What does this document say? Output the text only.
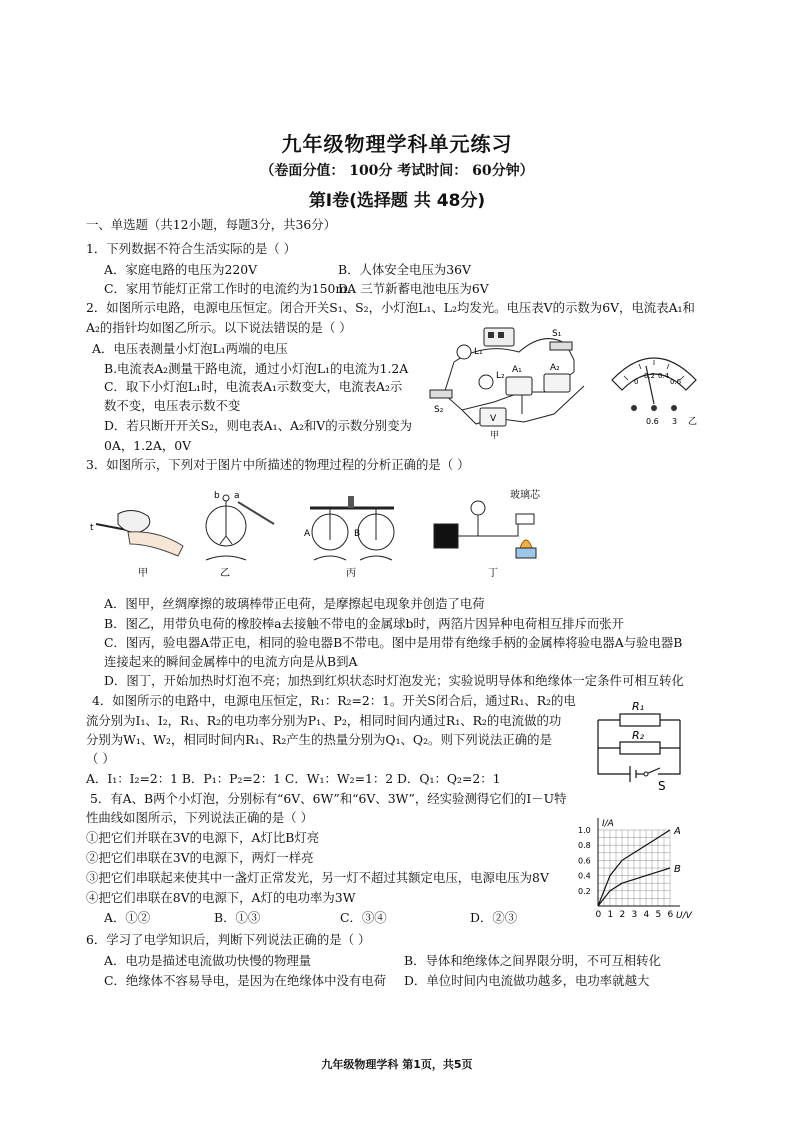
九年级物理学科单元练习
（卷面分值： 100分 考试时间： 60分钟）
第Ⅰ卷(选择题 共 48分)
一、单选题（共12小题，每题3分，共36分）
1．下列数据不符合生活实际的是（ ）
A．家庭电路的电压为220V	B．人体安全电压为36V
C．家用节能灯正常工作时的电流约为150mA
D．三节新蓄电池电压为6V
2．如图所示电路，电源电压恒定。闭合开关S₁、S₂，小灯泡L₁、L₂均发光。电压表V的示数为6V，电流表A₁和
A₂的指针均如图乙所示。以下说法错误的是（ ）
A．电压表测量小灯泡L₁两端的电压
B.电流表A₂测量干路电流，通过小灯泡L₁的电流为1.2A
C．取下小灯泡L₁时，电流表A₁示数变大，电流表A₂示
数不变，电压表示数不变
D．若只断开开关S₂，则电表A₁、A₂和V的示数分别变为
0A，1.2A，0V
S₁
S₂
L₁
L₂
A₁	A₂
V
甲
0
0.2 0.4
0.6
0.6 3 乙
3．如图所示，下列对于图片中所描述的物理过程的分析正确的是（ ）
t
甲
a
b
乙
A	B
丙
玻璃芯
丁
A．图甲，丝绸摩擦的玻璃棒带正电荷，是摩擦起电现象并创造了电荷
B．图乙，用带负电荷的橡胶棒a去接触不带电的金属球b时，两箔片因异种电荷相互排斥而张开
C．图丙，验电器A带正电，相同的验电器B不带电。图中是用带有绝缘手柄的金属棒将验电器A与验电器B
连接起来的瞬间金属棒中的电流方向是从B到A
D．图丁，开始加热时灯泡不亮；加热到红炽状态时灯泡发光；实验说明导体和绝缘体一定条件可相互转化
4．如图所示的电路中，电源电压恒定，R₁：R₂=2：1。开关S闭合后，通过R₁、R₂的电
流分别为I₁、I₂，R₁、R₂的电功率分别为P₁、P₂，相同时间内通过R₁、R₂的电流做的功
分别为W₁、W₂，相同时间内R₁、R₂产生的热量分别为Q₁、Q₂。则下列说法正确的是
（ ）
A．I₁：I₂=2：1 B．P₁：P₂=2：1 C．W₁：W₂=1：2 D．Q₁：Q₂=2：1
R₁
R₂
S
5．有A、B两个小灯泡，分别标有“6V、6W”和“6V、3W”，经实验测得它们的I－U特
性曲线如图所示，下列说法正确的是（ ）
①把它们并联在3V的电源下，A灯比B灯亮
②把它们串联在3V的电源下，两灯一样亮
③把它们串联起来使其中一盏灯正常发光，另一灯不超过其额定电压，电源电压为8V
④把它们串联在8V的电源下，A灯的电功率为3W
A．①②	B．①③	C．③④	D．②③
A
B
U/V
I/A
0 1 2 3 4 5 6
0.2
0.4
0.6
0.8
1.0
6．学习了电学知识后，判断下列说法正确的是（ ）
A．电功是描述电流做功快慢的物理量	B．导体和绝缘体之间界限分明，不可互相转化
C．绝缘体不容易导电，是因为在绝缘体中没有电荷 D．单位时间内电流做功越多，电功率就越大
九年级物理学科 第1页，共5页
